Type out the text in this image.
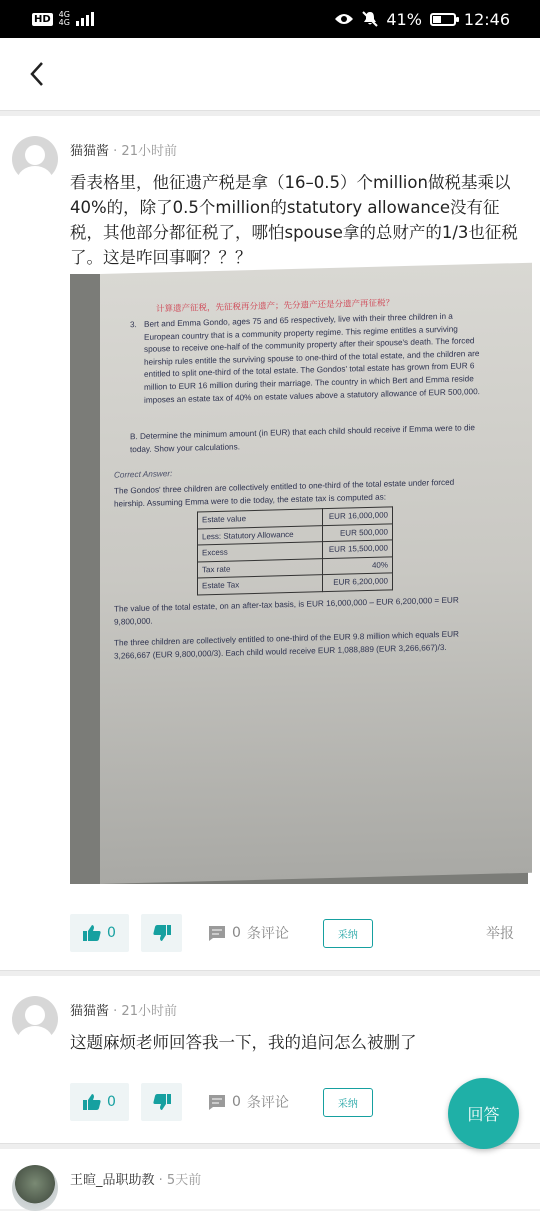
HD 4G
4G	41%	12:46
猫猫酱 · 21小时前
看表格里，他征遗产税是拿（16–0.5）个million做税基乘以40%的，除了0.5个million的statutory allowance没有征税，其他部分都征税了，哪怕spouse拿的总财产的1/3也征税了。这是咋回事啊？？？
计算遗产征税，先征税再分遗产；先分遗产还是分遗产再征税？
3. Bert and Emma Gondo, ages 75 and 65 respectively, live with their three children in a European country that is a community property regime. This regime entitles a surviving spouse to receive one-half of the community property after their spouse's death. The forced heirship rules entitle the surviving spouse to one-third of the total estate, and the children are entitled to split one-third of the total estate. The Gondos' total estate has grown from EUR 6 million to EUR 16 million during their marriage. The country in which Bert and Emma reside imposes an estate tax of 40% on estate values above a statutory allowance of EUR 500,000.
B. Determine the minimum amount (in EUR) that each child should receive if Emma were to die today. Show your calculations.
Correct Answer:
The Gondos' three children are collectively entitled to one-third of the total estate under forced heirship. Assuming Emma were to die today, the estate tax is computed as:
Estate value	EUR 16,000,000
Less: Statutory Allowance	EUR 500,000
Excess	EUR 15,500,000
Tax rate	40%
Estate Tax	EUR 6,200,000
The value of the total estate, on an after-tax basis, is EUR 16,000,000 – EUR 6,200,000 = EUR 9,800,000.
The three children are collectively entitled to one-third of the EUR 9.8 million which equals EUR 3,266,667 (EUR 9,800,000/3). Each child would receive EUR 1,088,889 (EUR 3,266,667)/3.
0	0 条评论	采纳	举报
猫猫酱 · 21小时前
这题麻烦老师回答我一下，我的追问怎么被删了
0	0 条评论	采纳
王暄_品职助教 · 5天前
回答
